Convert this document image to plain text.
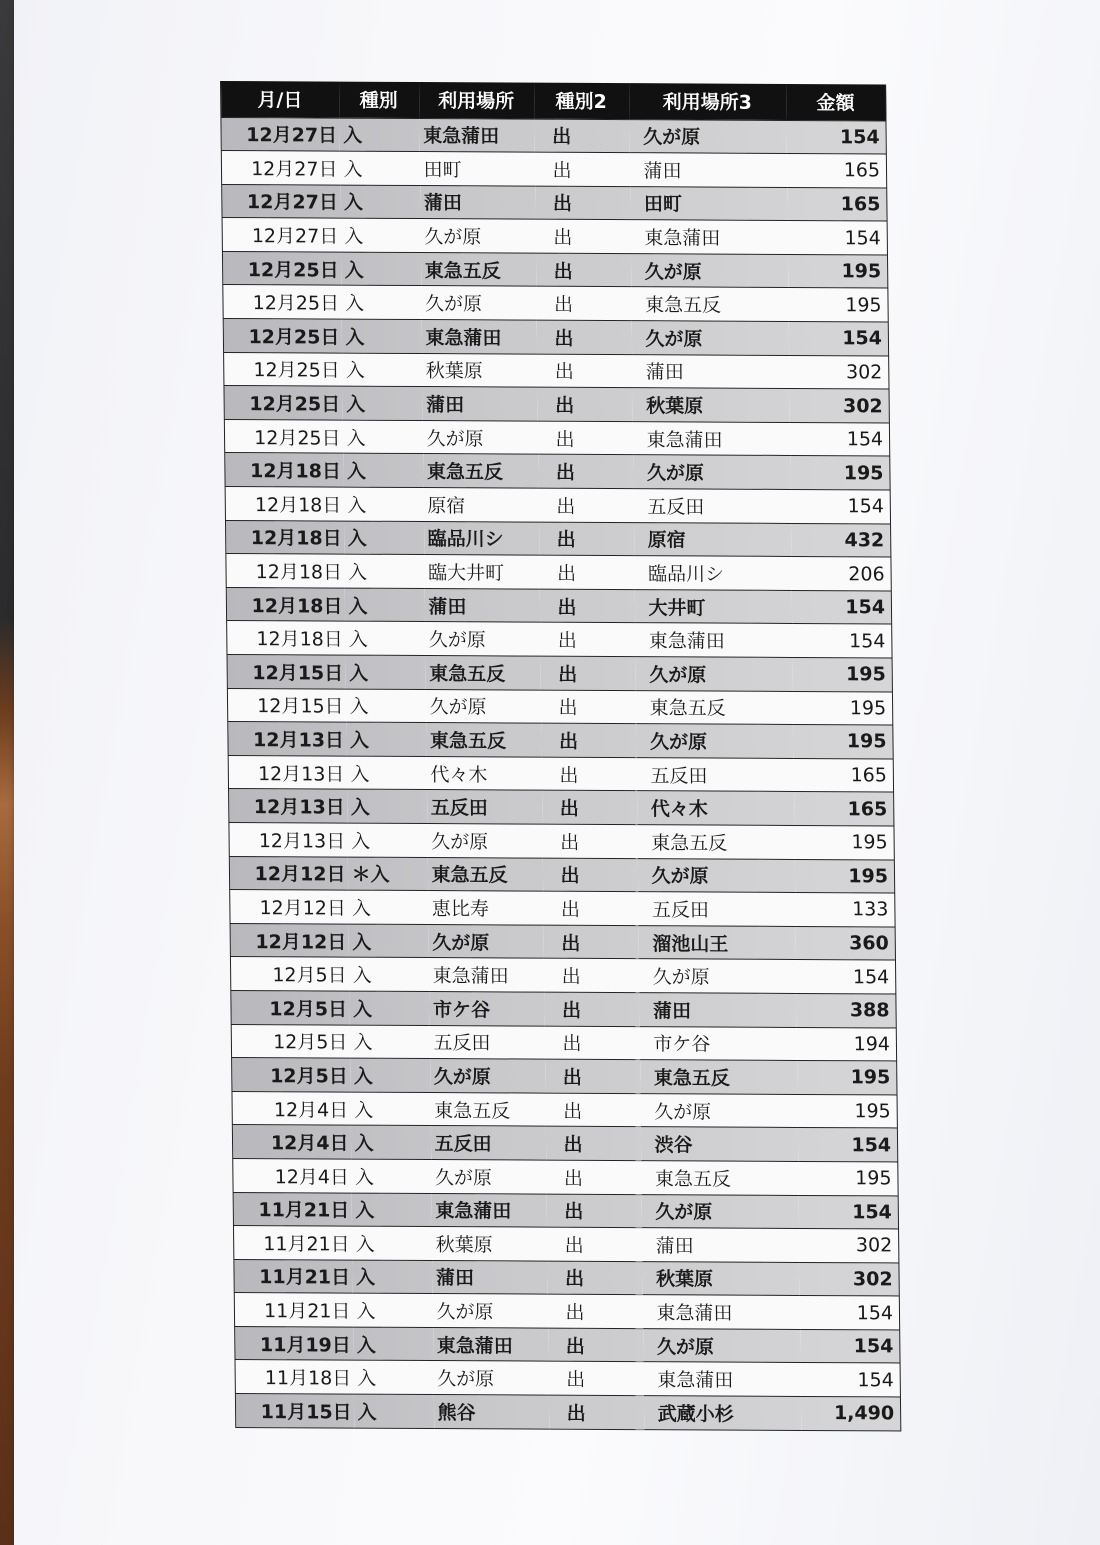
月/日	種別	利用場所	種別2	利用場所3	金額
12月27日	入	東急蒲田	出	久が原	154
12月27日	入	田町	出	蒲田	165
12月27日	入	蒲田	出	田町	165
12月27日	入	久が原	出	東急蒲田	154
12月25日	入	東急五反	出	久が原	195
12月25日	入	久が原	出	東急五反	195
12月25日	入	東急蒲田	出	久が原	154
12月25日	入	秋葉原	出	蒲田	302
12月25日	入	蒲田	出	秋葉原	302
12月25日	入	久が原	出	東急蒲田	154
12月18日	入	東急五反	出	久が原	195
12月18日	入	原宿	出	五反田	154
12月18日	入	臨品川シ	出	原宿	432
12月18日	入	臨大井町	出	臨品川シ	206
12月18日	入	蒲田	出	大井町	154
12月18日	入	久が原	出	東急蒲田	154
12月15日	入	東急五反	出	久が原	195
12月15日	入	久が原	出	東急五反	195
12月13日	入	東急五反	出	久が原	195
12月13日	入	代々木	出	五反田	165
12月13日	入	五反田	出	代々木	165
12月13日	入	久が原	出	東急五反	195
12月12日	＊入	東急五反	出	久が原	195
12月12日	入	恵比寿	出	五反田	133
12月12日	入	久が原	出	溜池山王	360
12月5日	入	東急蒲田	出	久が原	154
12月5日	入	市ケ谷	出	蒲田	388
12月5日	入	五反田	出	市ケ谷	194
12月5日	入	久が原	出	東急五反	195
12月4日	入	東急五反	出	久が原	195
12月4日	入	五反田	出	渋谷	154
12月4日	入	久が原	出	東急五反	195
11月21日	入	東急蒲田	出	久が原	154
11月21日	入	秋葉原	出	蒲田	302
11月21日	入	蒲田	出	秋葉原	302
11月21日	入	久が原	出	東急蒲田	154
11月19日	入	東急蒲田	出	久が原	154
11月18日	入	久が原	出	東急蒲田	154
11月15日	入	熊谷	出	武蔵小杉	1,490
